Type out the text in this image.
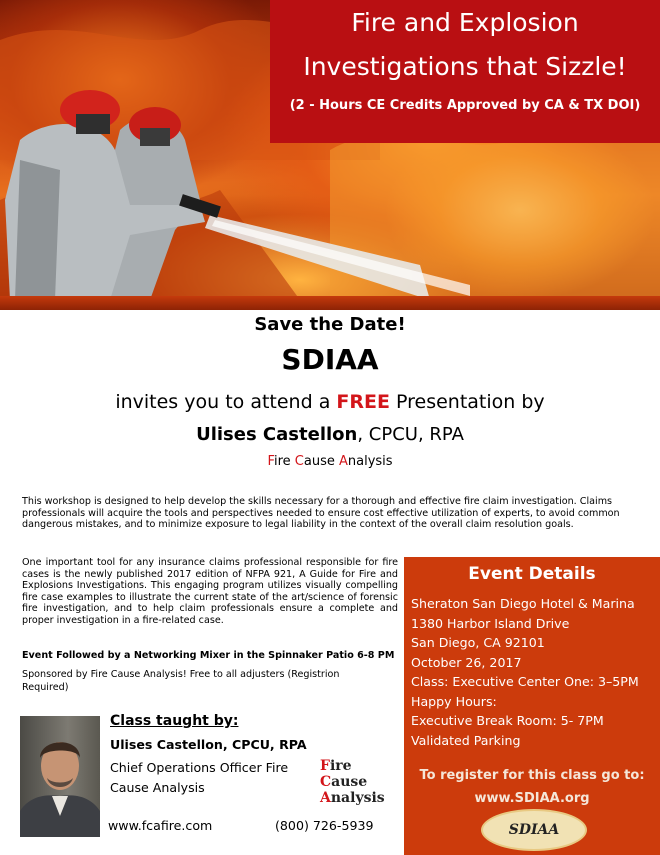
Fire and Explosion
Investigations that Sizzle!
(2 - Hours CE Credits Approved by CA & TX DOI)
Save the Date!
SDIAA
invites you to attend a FREE Presentation by
Ulises Castellon, CPCU, RPA
Fire Cause Analysis
This workshop is designed to help develop the skills necessary for a thorough and effective fire claim investigation. Claims professionals will acquire the tools and perspectives needed to ensure cost effective utilization of experts, to avoid common dangerous mistakes, and to minimize exposure to legal liability in the context of the overall claim resolution goals.
One important tool for any insurance claims professional responsible for fire cases is the newly published 2017 edition of NFPA 921, A Guide for Fire and Explosions Investigations. This engaging program utilizes visually compelling fire case examples to illustrate the current state of the art/science of forensic fire investigation, and to help claim professionals ensure a complete and proper investigation in a fire-related case.
Event Followed by a Networking Mixer in the Spinnaker Patio 6-8 PM
Sponsored by Fire Cause Analysis! Free to all adjusters (Registrion Required)
Event Details
Sheraton San Diego Hotel & Marina
1380 Harbor Island Drive
San Diego, CA 92101
October 26, 2017
Class: Executive Center One: 3–5PM
Happy Hours:
Executive Break Room: 5- 7PM
Validated Parking
To register for this class go to:
www.SDIAA.org
SDIAA
Class taught by:
Ulises Castellon, CPCU, RPA
Chief Operations Officer Fire Cause Analysis
www.fcafire.com	(800) 726-5939
Fire
Cause
Analysis
